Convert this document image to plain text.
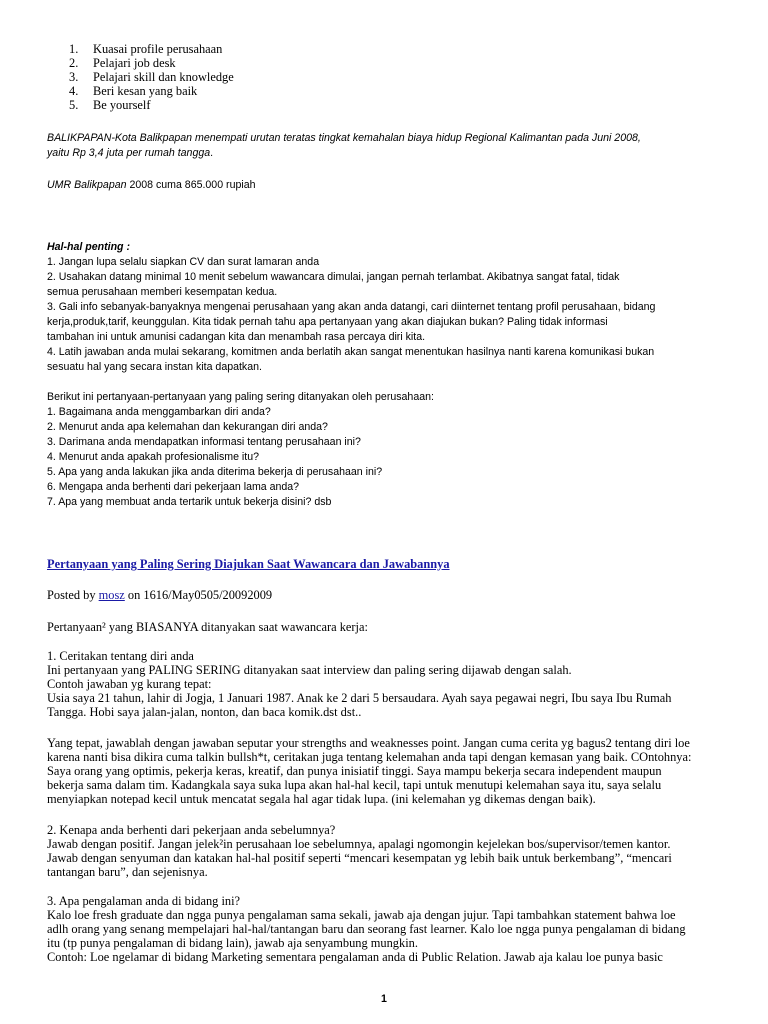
1. Kuasai profile perusahaan
2. Pelajari job desk
3. Pelajari skill dan knowledge
4. Beri kesan yang baik
5. Be yourself
BALIKPAPAN-Kota Balikpapan menempati urutan teratas tingkat kemahalan biaya hidup Regional Kalimantan pada Juni 2008,
yaitu Rp 3,4 juta per rumah tangga.
UMR Balikpapan 2008 cuma 865.000 rupiah
Hal-hal penting :
1. Jangan lupa selalu siapkan CV dan surat lamaran anda
2. Usahakan datang minimal 10 menit sebelum wawancara dimulai, jangan pernah terlambat. Akibatnya sangat fatal, tidak
semua perusahaan memberi kesempatan kedua.
3. Gali info sebanyak-banyaknya mengenai perusahaan yang akan anda datangi, cari diinternet tentang profil perusahaan, bidang
kerja,produk,tarif, keunggulan. Kita tidak pernah tahu apa pertanyaan yang akan diajukan bukan? Paling tidak informasi
tambahan ini untuk amunisi cadangan kita dan menambah rasa percaya diri kita.
4. Latih jawaban anda mulai sekarang, komitmen anda berlatih akan sangat menentukan hasilnya nanti karena komunikasi bukan
sesuatu hal yang secara instan kita dapatkan.
Berikut ini pertanyaan-pertanyaan yang paling sering ditanyakan oleh perusahaan:
1. Bagaimana anda menggambarkan diri anda?
2. Menurut anda apa kelemahan dan kekurangan diri anda?
3. Darimana anda mendapatkan informasi tentang perusahaan ini?
4. Menurut anda apakah profesionalisme itu?
5. Apa yang anda lakukan jika anda diterima bekerja di perusahaan ini?
6. Mengapa anda berhenti dari pekerjaan lama anda?
7. Apa yang membuat anda tertarik untuk bekerja disini? dsb
Pertanyaan yang Paling Sering Diajukan Saat Wawancara dan Jawabannya
Posted by mosz on 1616/May0505/20092009
Pertanyaan² yang BIASANYA ditanyakan saat wawancara kerja:
1. Ceritakan tentang diri anda
Ini pertanyaan yang PALING SERING ditanyakan saat interview dan paling sering dijawab dengan salah.
Contoh jawaban yg kurang tepat:
Usia saya 21 tahun, lahir di Jogja, 1 Januari 1987. Anak ke 2 dari 5 bersaudara. Ayah saya pegawai negri, Ibu saya Ibu Rumah
Tangga. Hobi saya jalan-jalan, nonton, dan baca komik.dst dst..
Yang tepat, jawablah dengan jawaban seputar your strengths and weaknesses point. Jangan cuma cerita yg bagus2 tentang diri loe
karena nanti bisa dikira cuma talkin bullsh*t, ceritakan juga tentang kelemahan anda tapi dengan kemasan yang baik. COntohnya:
Saya orang yang optimis, pekerja keras, kreatif, dan punya inisiatif tinggi. Saya mampu bekerja secara independent maupun
bekerja sama dalam tim. Kadangkala saya suka lupa akan hal-hal kecil, tapi untuk menutupi kelemahan saya itu, saya selalu
menyiapkan notepad kecil untuk mencatat segala hal agar tidak lupa. (ini kelemahan yg dikemas dengan baik).
2. Kenapa anda berhenti dari pekerjaan anda sebelumnya?
Jawab dengan positif. Jangan jelek²in perusahaan loe sebelumnya, apalagi ngomongin kejelekan bos/supervisor/temen kantor.
Jawab dengan senyuman dan katakan hal-hal positif seperti “mencari kesempatan yg lebih baik untuk berkembang”, “mencari
tantangan baru”, dan sejenisnya.
3. Apa pengalaman anda di bidang ini?
Kalo loe fresh graduate dan ngga punya pengalaman sama sekali, jawab aja dengan jujur. Tapi tambahkan statement bahwa loe
adlh orang yang senang mempelajari hal-hal/tantangan baru dan seorang fast learner. Kalo loe ngga punya pengalaman di bidang
itu (tp punya pengalaman di bidang lain), jawab aja senyambung mungkin.
Contoh: Loe ngelamar di bidang Marketing sementara pengalaman anda di Public Relation. Jawab aja kalau loe punya basic
1
